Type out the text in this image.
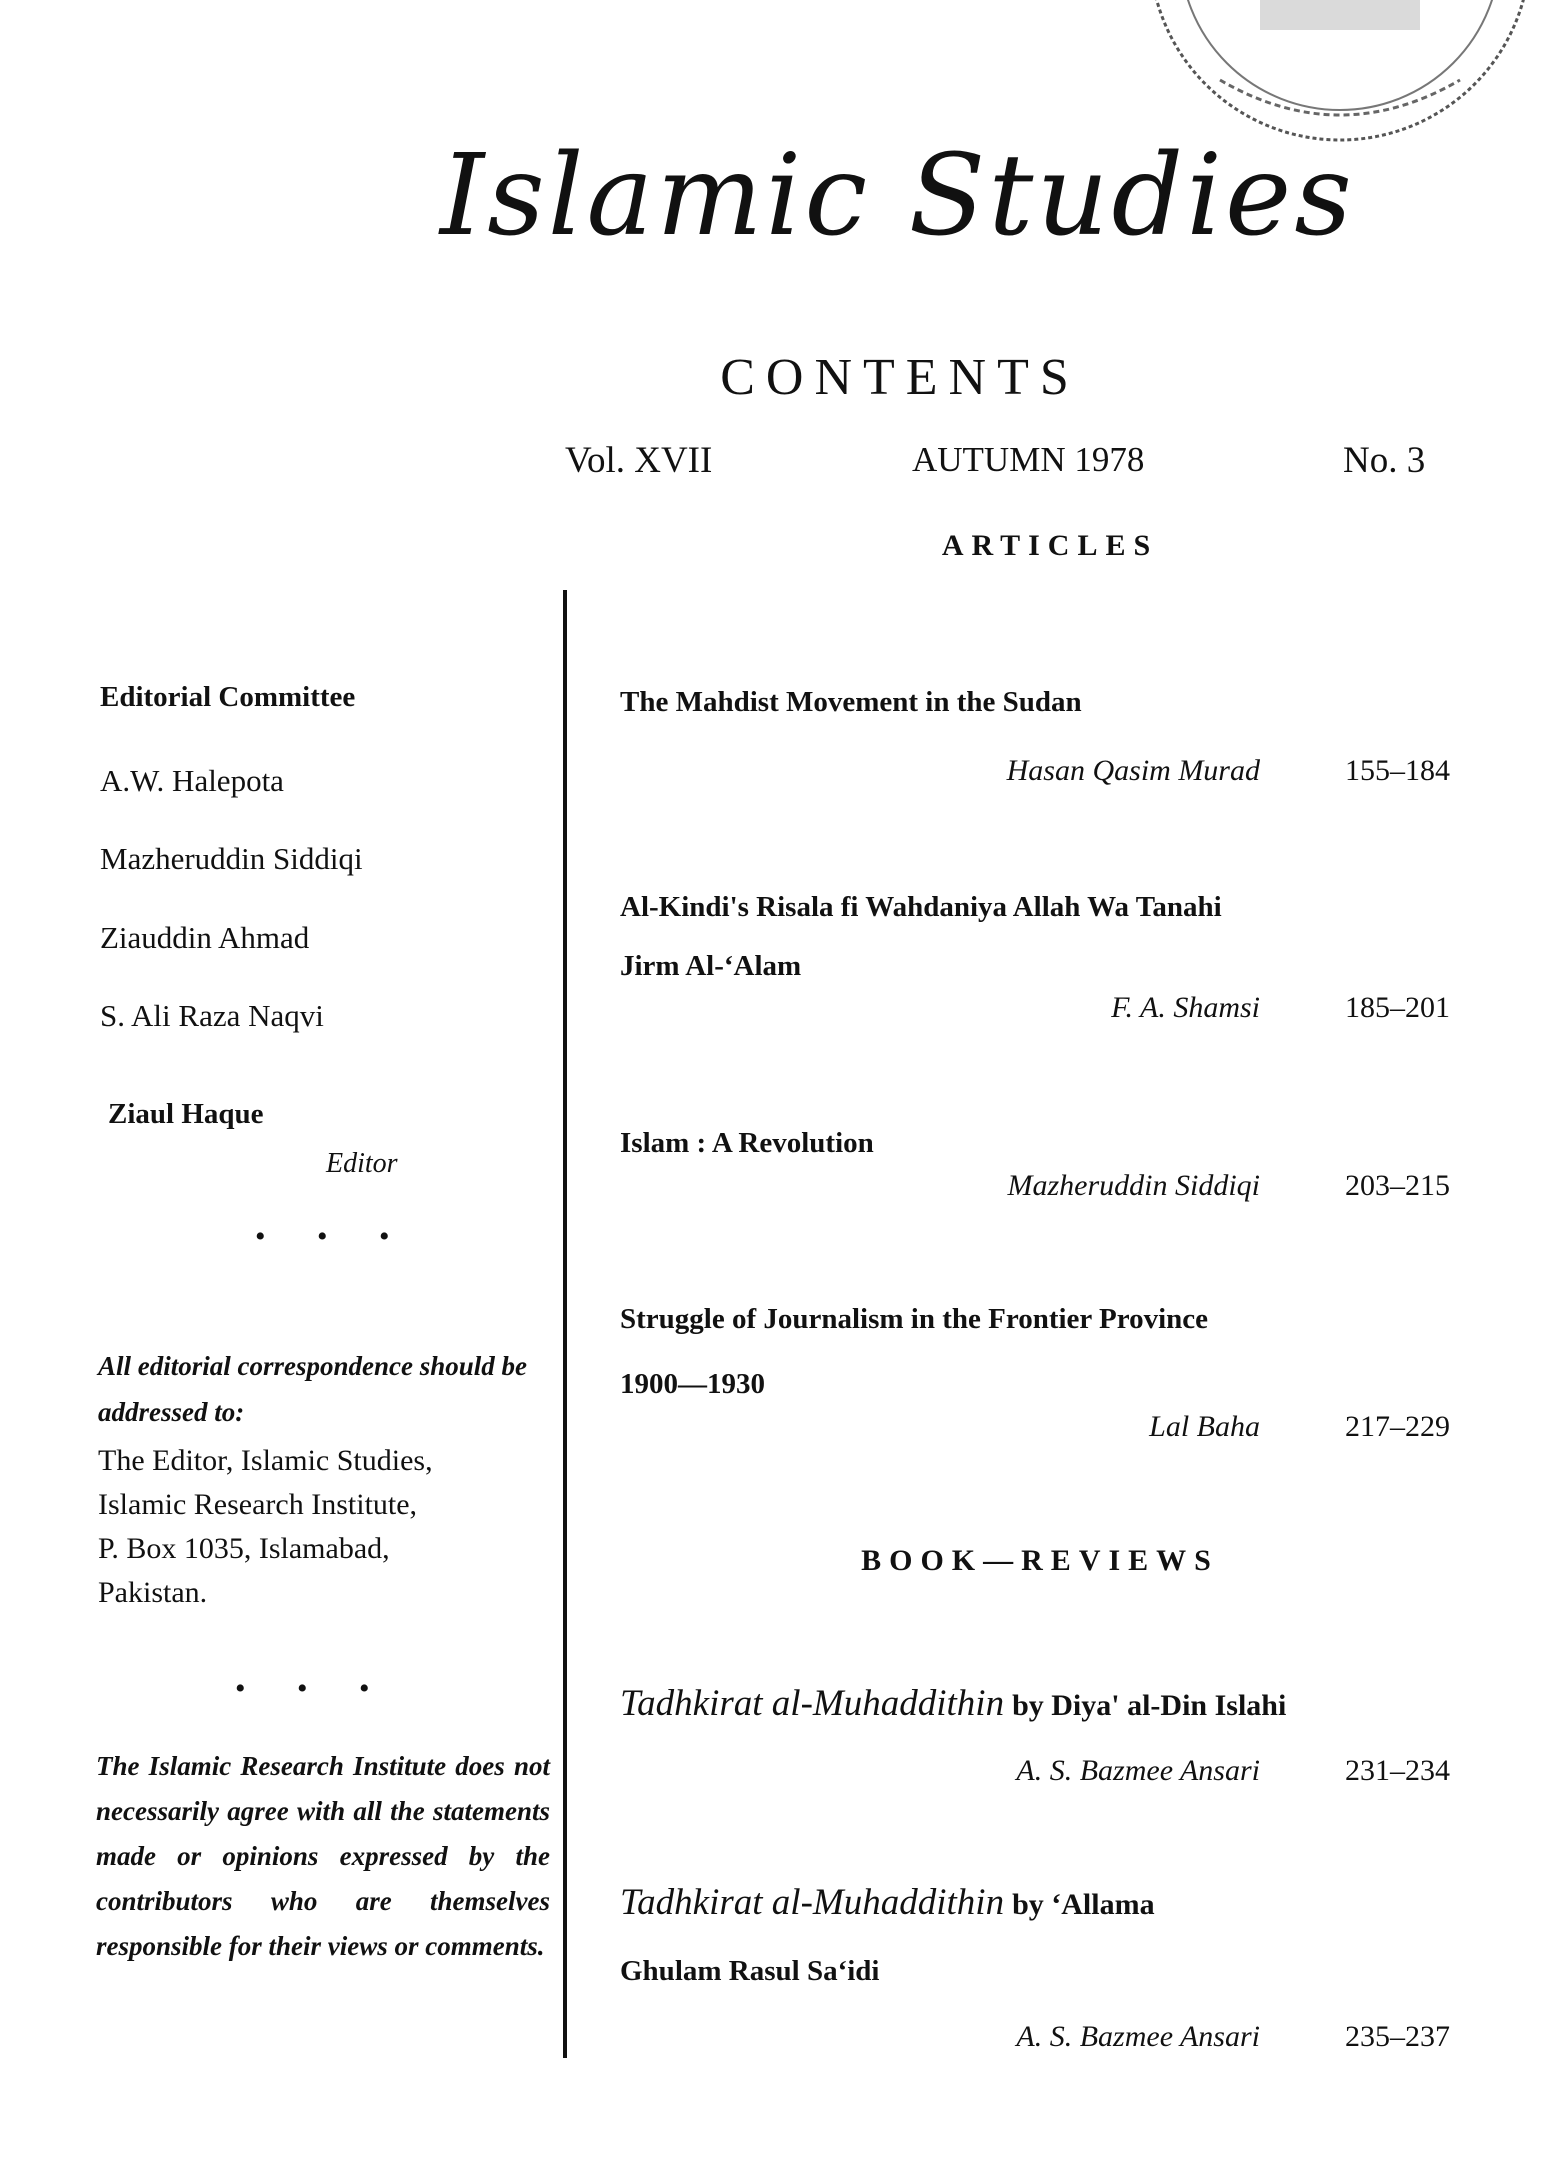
Islamic Studies
CONTENTS
Vol. XVII	AUTUMN 1978	No. 3
ARTICLES
Editorial Committee
A.W. Halepota
Mazheruddin Siddiqi
Ziauddin Ahmad
S. Ali Raza Naqvi
Ziaul Haque
Editor
• • •
All editorial correspondence should be addressed to:
The Editor, Islamic Studies,
Islamic Research Institute,
P. Box 1035, Islamabad,
Pakistan.
• • •
The Islamic Research Institute does not necessarily agree with all the statements made or opinions expressed by the contributors who are themselves responsible for their views or comments.
The Mahdist Movement in the Sudan
Hasan Qasim Murad	155–184
Al-Kindi's Risala fi Wahdaniya Allah Wa Tanahi
Jirm Al-‘Alam
F. A. Shamsi	185–201
Islam : A Revolution
Mazheruddin Siddiqi	203–215
Struggle of Journalism in the Frontier Province
1900—1930
Lal Baha	217–229
BOOK—REVIEWS
Tadhkirat al-Muhaddithin by Diya' al-Din Islahi
A. S. Bazmee Ansari	231–234
Tadhkirat al-Muhaddithin by ‘Allama
Ghulam Rasul Sa‘idi
A. S. Bazmee Ansari	235–237
